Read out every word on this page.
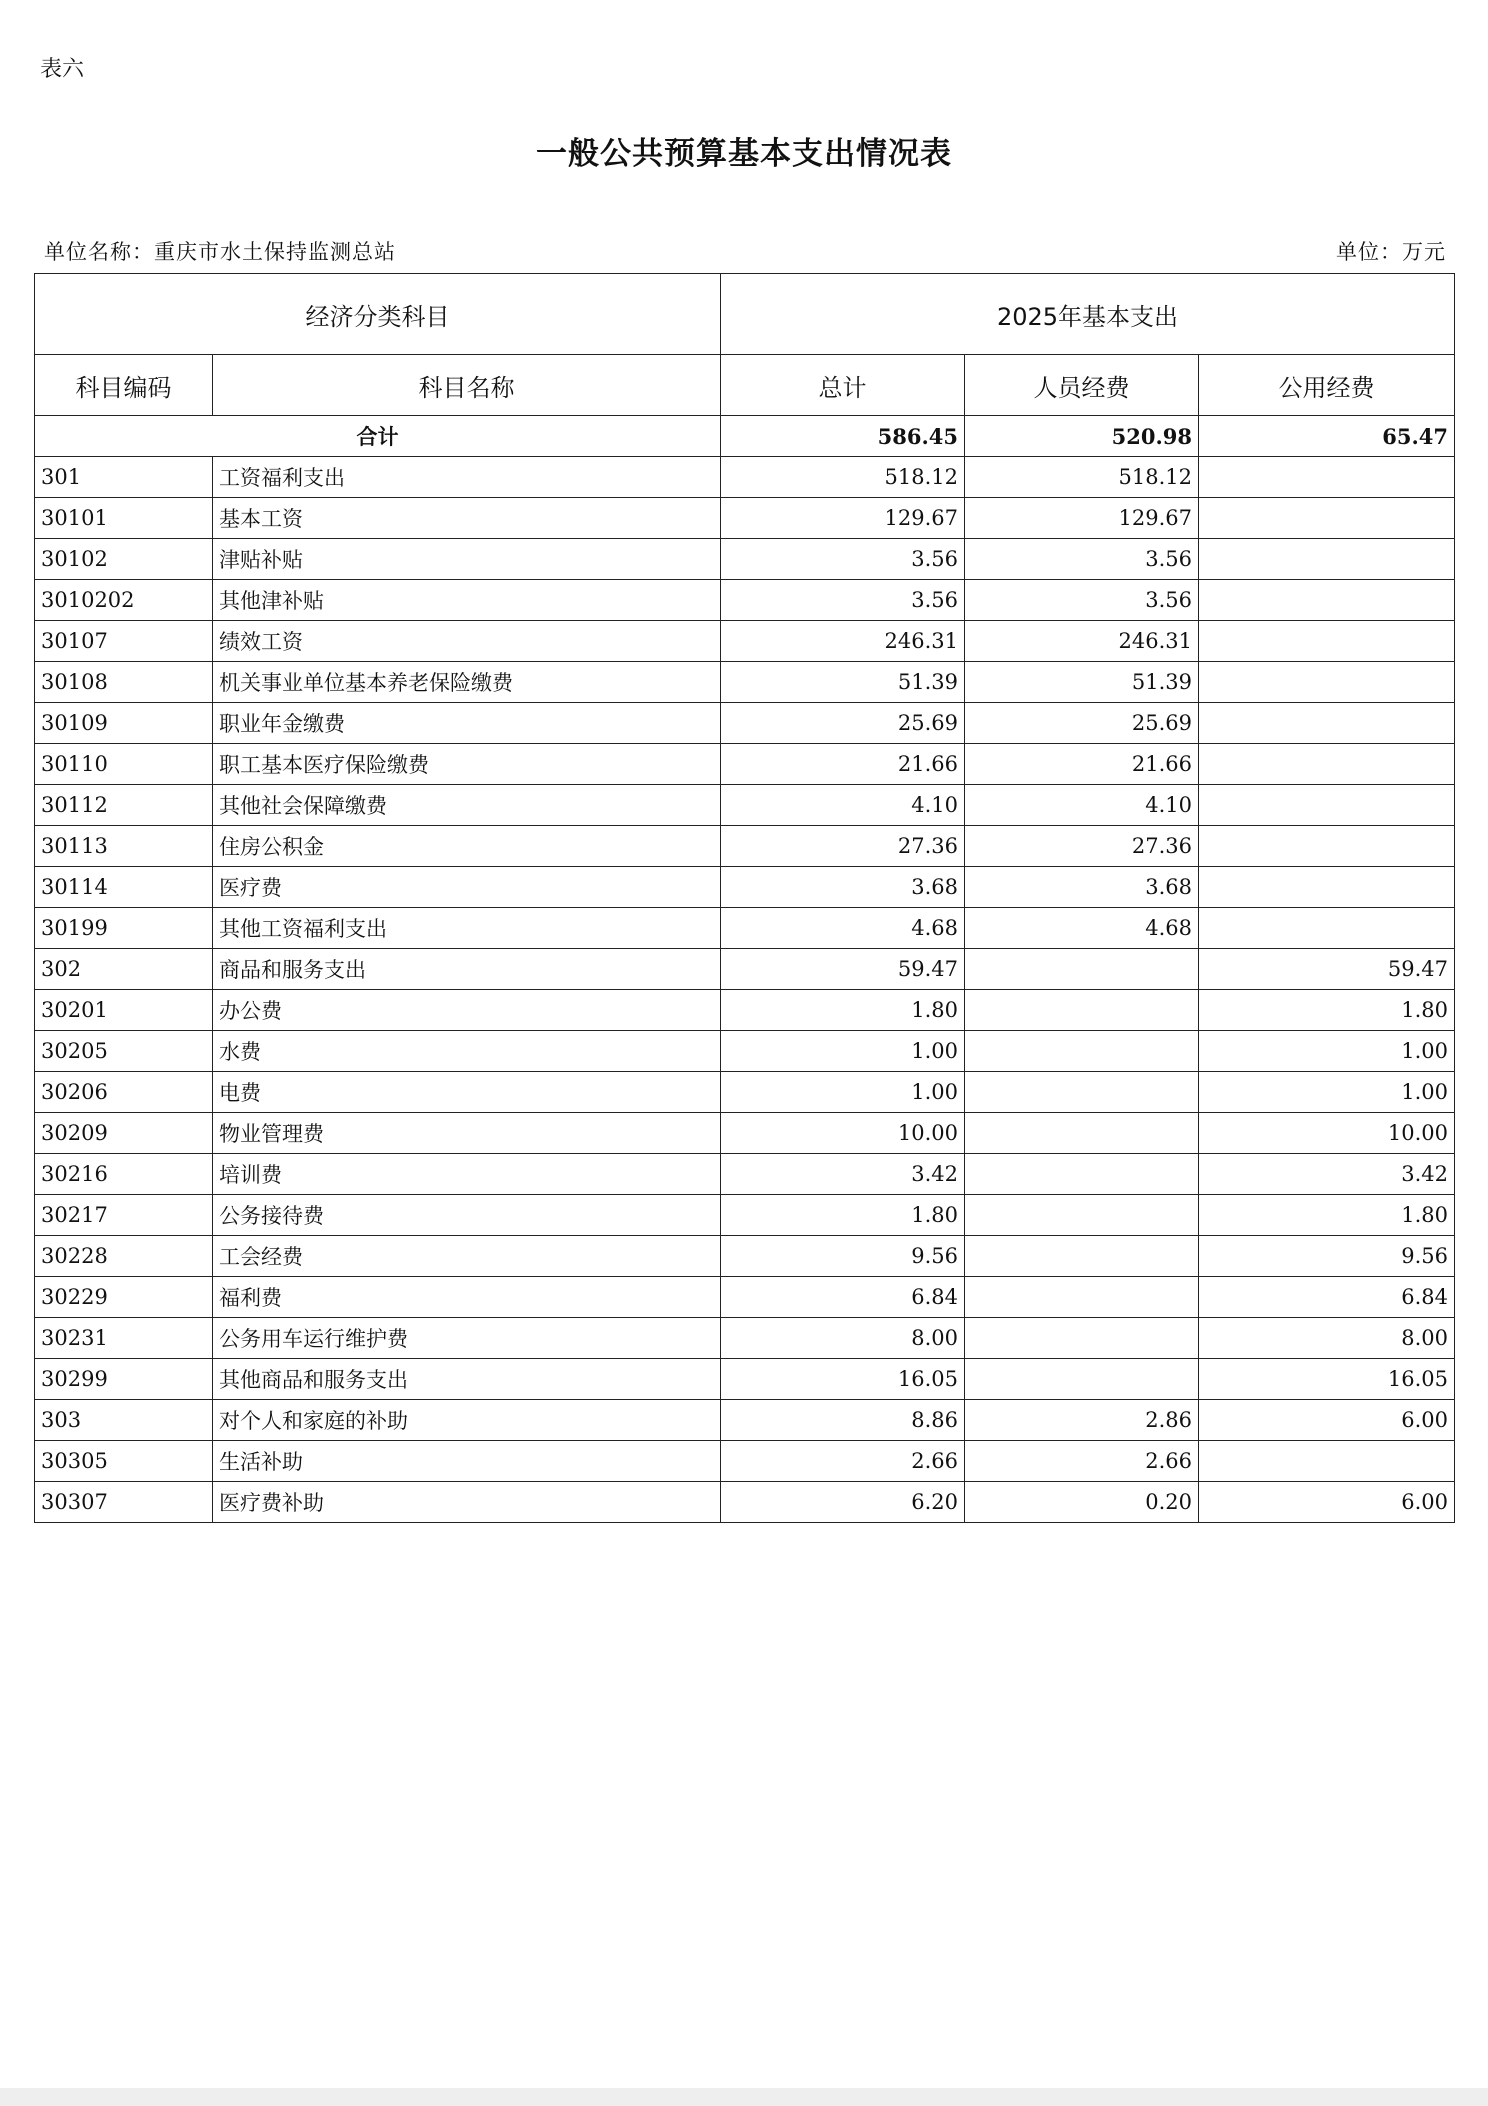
表六
一般公共预算基本支出情况表
单位名称：重庆市水土保持监测总站	单位：万元
经济分类科目		2025年基本支出		
科目编码	科目名称	总计	人员经费	公用经费
合计		586.45	520.98	65.47
301	工资福利支出	518.12	518.12	
30101	基本工资	129.67	129.67	
30102	津贴补贴	3.56	3.56	
3010202	其他津补贴	3.56	3.56	
30107	绩效工资	246.31	246.31	
30108	机关事业单位基本养老保险缴费	51.39	51.39	
30109	职业年金缴费	25.69	25.69	
30110	职工基本医疗保险缴费	21.66	21.66	
30112	其他社会保障缴费	4.10	4.10	
30113	住房公积金	27.36	27.36	
30114	医疗费	3.68	3.68	
30199	其他工资福利支出	4.68	4.68	
302	商品和服务支出	59.47		59.47
30201	办公费	1.80		1.80
30205	水费	1.00		1.00
30206	电费	1.00		1.00
30209	物业管理费	10.00		10.00
30216	培训费	3.42		3.42
30217	公务接待费	1.80		1.80
30228	工会经费	9.56		9.56
30229	福利费	6.84		6.84
30231	公务用车运行维护费	8.00		8.00
30299	其他商品和服务支出	16.05		16.05
303	对个人和家庭的补助	8.86	2.86	6.00
30305	生活补助	2.66	2.66	
30307	医疗费补助	6.20	0.20	6.00
